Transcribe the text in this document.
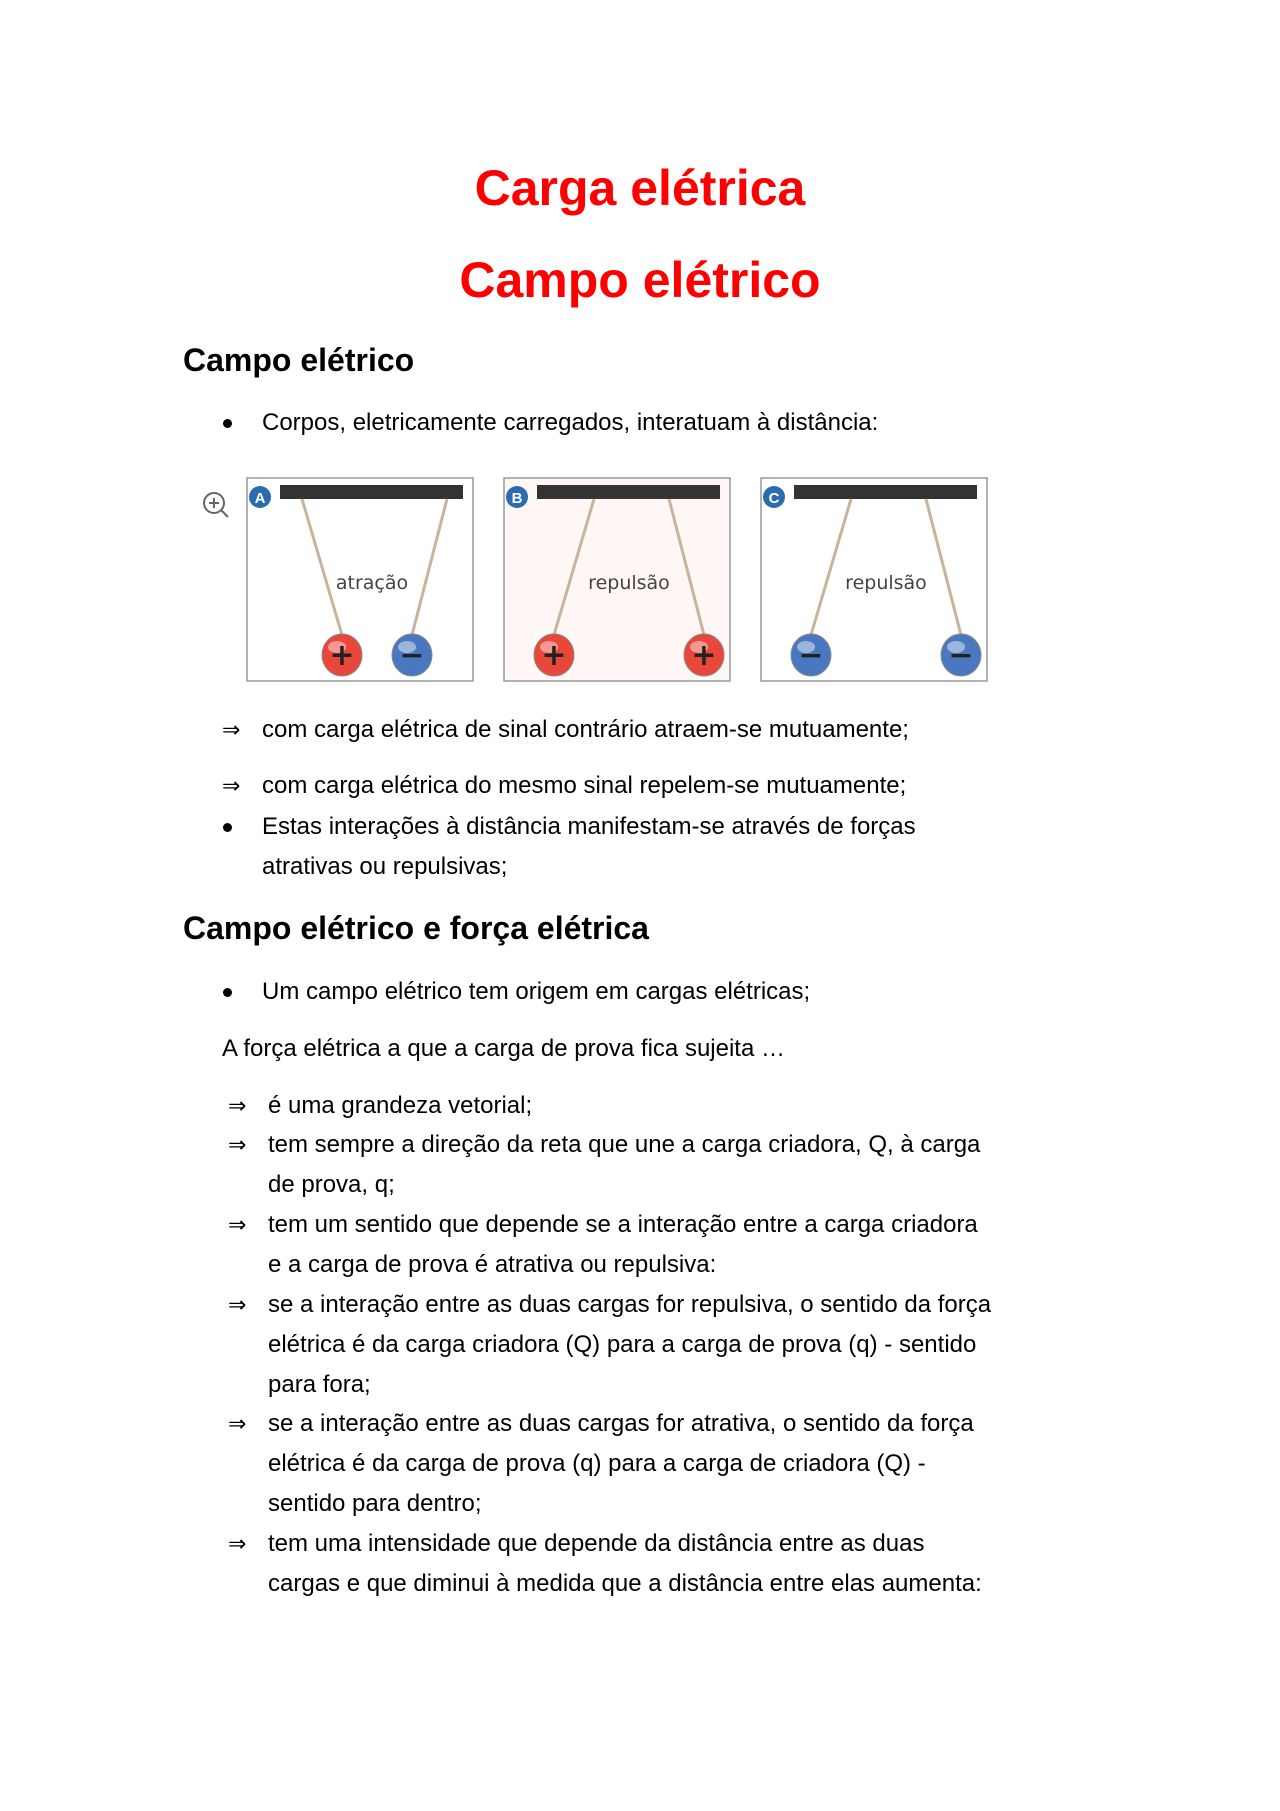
Carga elétrica
Campo elétrico
Campo elétrico
Corpos, eletricamente carregados, interatuam à distância:
A
atração
+ −
B
repulsão
+	+
C
repulsão
−	−
⇒ com carga elétrica de sinal contrário atraem-se mutuamente;
⇒ com carga elétrica do mesmo sinal repelem-se mutuamente;
Estas interações à distância manifestam-se através de forças
atrativas ou repulsivas;
Campo elétrico e força elétrica
Um campo elétrico tem origem em cargas elétricas;
A força elétrica a que a carga de prova fica sujeita …
⇒ é uma grandeza vetorial;
⇒ tem sempre a direção da reta que une a carga criadora, Q, à carga
de prova, q;
⇒ tem um sentido que depende se a interação entre a carga criadora
e a carga de prova é atrativa ou repulsiva:
⇒ se a interação entre as duas cargas for repulsiva, o sentido da força
elétrica é da carga criadora (Q) para a carga de prova (q) - sentido
para fora;
⇒ se a interação entre as duas cargas for atrativa, o sentido da força
elétrica é da carga de prova (q) para a carga de criadora (Q) -
sentido para dentro;
⇒ tem uma intensidade que depende da distância entre as duas
cargas e que diminui à medida que a distância entre elas aumenta:
